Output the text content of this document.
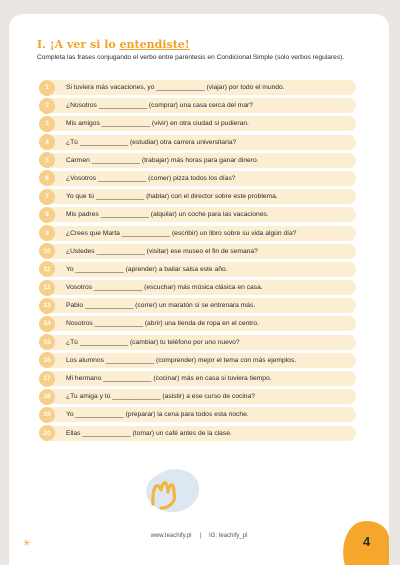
I. ¡A ver si lo entendiste!

Completa las frases conjugando el verbo entre paréntesis en Condicional Simple (solo verbos regulares).

1	Si tuviera más vacaciones, yo _____________ (viajar) por todo el mundo.
2	¿Nosotros _____________ (comprar) una casa cerca del mar?
3	Mis amigos _____________ (vivir) en otra ciudad si pudieran.
4	¿Tú _____________ (estudiar) otra carrera universitaria?
5	Carmen _____________ (trabajar) más horas para ganar dinero.
6	¿Vosotros _____________ (comer) pizza todos los días?
7	Yo que tú _____________ (hablar) con el director sobre este problema.
8	Mis padres _____________ (alquilar) un coche para las vacaciones.
9	¿Crees que Marta _____________ (escribir) un libro sobre su vida algún día?
10	¿Ustedes _____________ (visitar) ese museo el fin de semana?
11	Yo _____________ (aprender) a bailar salsa este año.
12	Vosotros _____________ (escuchar) más música clásica en casa.
13	Pablo _____________ (correr) un maratón si se entrenara más.
14	Nosotros _____________ (abrir) una tienda de ropa en el centro.
15	¿Tú _____________ (cambiar) tu teléfono por uno nuevo?
16	Los alumnos _____________ (comprender) mejor el tema con más ejemplos.
17	Mi hermano _____________ (cocinar) más en casa si tuviera tiempo.
18	¿Tu amiga y tú _____________ (asistir) a ese curso de cocina?
19	Yo _____________ (preparar) la cena para todos esta noche.
20	Ellas _____________ (tomar) un café antes de la clase.
www.teachify.pl | IG: teachify_pl
✳	4
